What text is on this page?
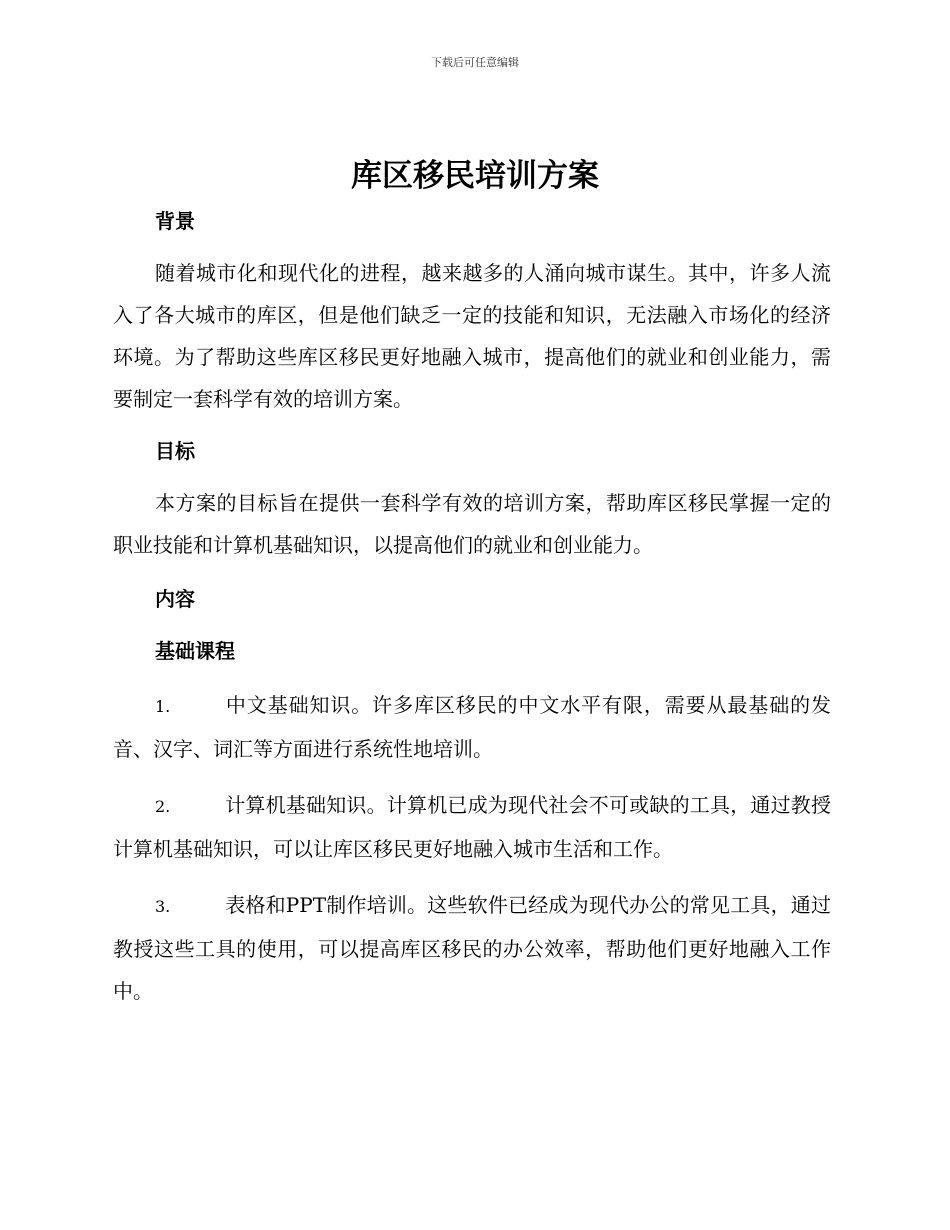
下载后可任意编辑
库区移民培训方案

背景

随着城市化和现代化的进程，越来越多的人涌向城市谋生。其中，许多人流入了各大城市的库区，但是他们缺乏一定的技能和知识，无法融入市场化的经济环境。为了帮助这些库区移民更好地融入城市，提高他们的就业和创业能力，需要制定一套科学有效的培训方案。

目标

本方案的目标旨在提供一套科学有效的培训方案，帮助库区移民掌握一定的职业技能和计算机基础知识，以提高他们的就业和创业能力。

内容

基础课程

1.	中文基础知识。许多库区移民的中文水平有限，需要从最基础的发音、汉字、词汇等方面进行系统性地培训。

2.	计算机基础知识。计算机已成为现代社会不可或缺的工具，通过教授计算机基础知识，可以让库区移民更好地融入城市生活和工作。

3.	表格和PPT制作培训。这些软件已经成为现代办公的常见工具，通过教授这些工具的使用，可以提高库区移民的办公效率，帮助他们更好地融入工作中。
